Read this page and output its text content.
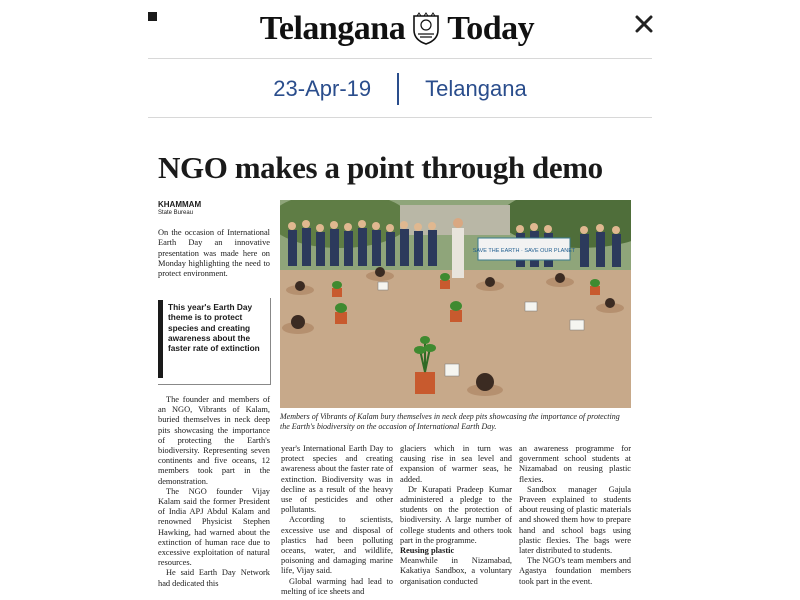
Telangana Today
23-Apr-19 Telangana
NGO makes a point through demo
KHAMMAM
State Bureau
On the occasion of International Earth Day an innovative presentation was made here on Monday highlighting the need to protect environment.
This year's Earth Day theme is to protect species and creating awareness about the faster rate of extinction

The founder and members of an NGO, Vibrants of Kalam, buried themselves in neck deep pits showcasing the importance of protecting the Earth's biodiversity. Representing seven continents and five oceans, 12 members took part in the demonstration.

The NGO founder Vijay Kalam said the former President of India APJ Abdul Kalam and renowned Physicist Stephen Hawking, had warned about the extinction of human race due to excessive exploitation of natural resources.

He said Earth Day Network had dedicated this

year's International Earth Day to protect species and creating awareness about the faster rate of extinction. Biodiversity was in decline as a result of the heavy use of pesticides and other pollutants.

According to scientists, excessive use and disposal of plastics had been polluting oceans, water, and wildlife, poisoning and damaging marine life, Vijay said.

Global warming had lead to melting of ice sheets and

glaciers which in turn was causing rise in sea level and expansion of warmer seas, he added.

Dr Kurapati Pradeep Kumar administered a pledge to the students on the protection of biodiversity. A large number of college students and others took part in the programme.

Reusing plastic

Meanwhile in Nizamabad, Kakatiya Sandbox, a voluntary organisation conducted

an awareness programme for government school students at Nizamabad on reusing plastic flexies.

Sandbox manager Gajula Praveen explained to students about reusing of plastic materials and showed them how to prepare hand and school bags using plastic flexies. The bags were later distributed to students.

The NGO's team members and Agastya foundation members took part in the event.

SAVE THE EARTH · SAVE OUR PLANET
Members of Vibrants of Kalam bury themselves in neck deep pits showcasing the importance of protecting the Earth's biodiversity on the occasion of International Earth Day.
